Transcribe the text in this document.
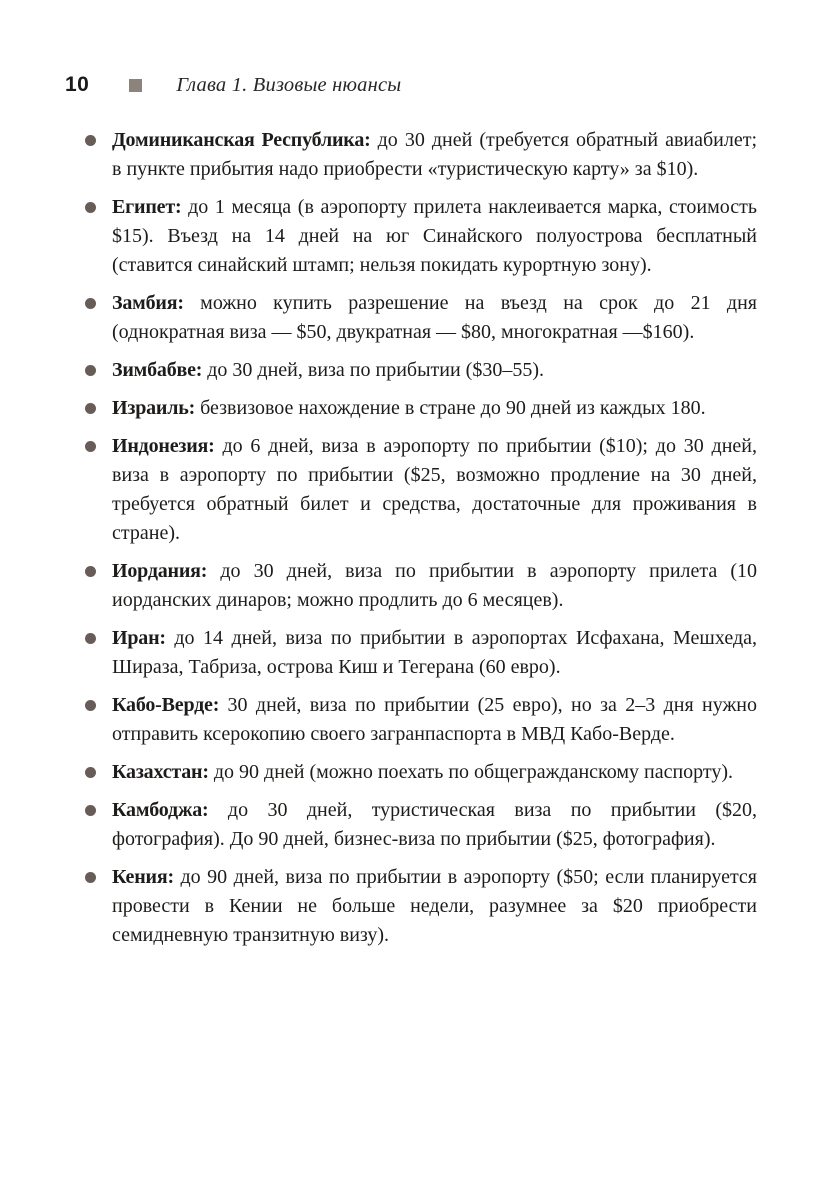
10	Глава 1. Визовые нюансы

Доминиканская Республика: до 30 дней (требуется обратный авиабилет; в пункте прибытия надо приобрести «туристическую карту» за $10).

Египет: до 1 месяца (в аэропорту прилета наклеивается марка, стоимость $15). Въезд на 14 дней на юг Синайского полуострова бесплатный (ставится синайский штамп; нельзя покидать курортную зону).

Замбия: можно купить разрешение на въезд на срок до 21 дня (однократная виза — $50, двукратная — $80, многократная —$160).

Зимбабве: до 30 дней, виза по прибытии ($30–55).

Израиль: безвизовое нахождение в стране до 90 дней из каждых 180.

Индонезия: до 6 дней, виза в аэропорту по прибытии ($10); до 30 дней, виза в аэропорту по прибытии ($25, возможно продление на 30 дней, требуется обратный билет и средства, достаточные для проживания в стране).

Иордания: до 30 дней, виза по прибытии в аэропорту прилета (10 иорданских динаров; можно продлить до 6 месяцев).

Иран: до 14 дней, виза по прибытии в аэропортах Исфахана, Мешхеда, Шираза, Табриза, острова Киш и Тегерана (60 евро).

Кабо-Верде: 30 дней, виза по прибытии (25 евро), но за 2–3 дня нужно отправить ксерокопию своего загранпаспорта в МВД Кабо-Верде.

Казахстан: до 90 дней (можно поехать по общегражданскому паспорту).

Камбоджа: до 30 дней, туристическая виза по прибытии ($20, фотография). До 90 дней, бизнес-виза по прибытии ($25, фотография).

Кения: до 90 дней, виза по прибытии в аэропорту ($50; если планируется провести в Кении не больше недели, разумнее за $20 приобрести семидневную транзитную визу).
